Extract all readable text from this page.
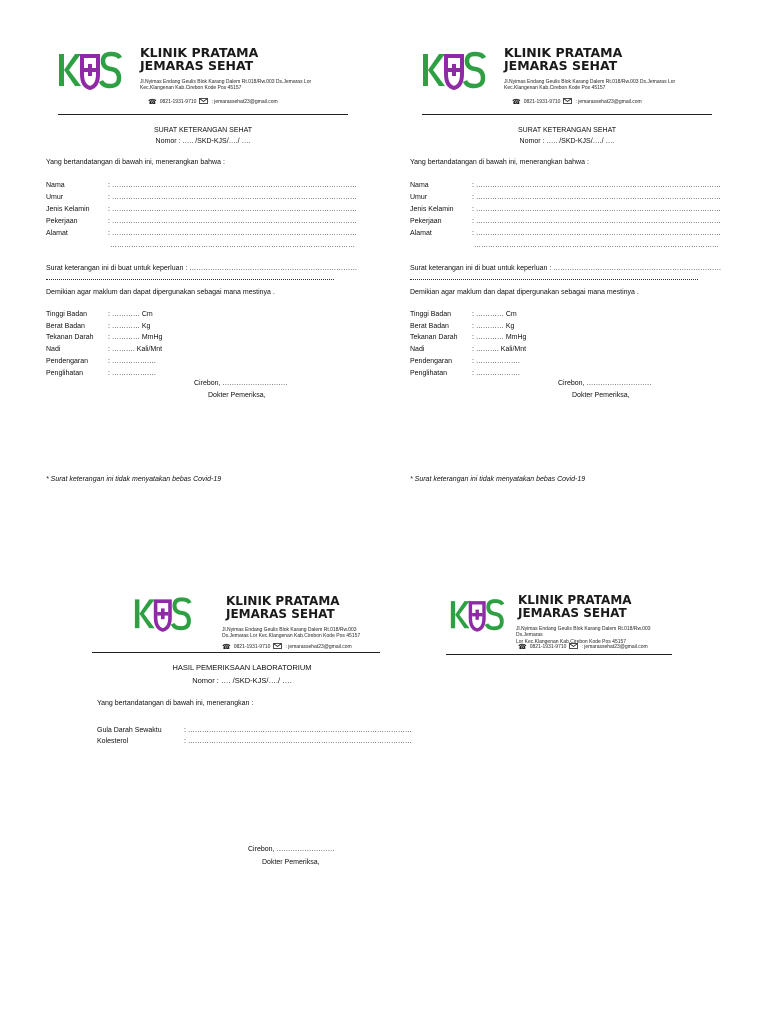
KLINIK PRATAMA
JEMARAS SEHAT
Jl.Nyimas Endang Geulis Blok Karang Dalem Rt.018/Rw.003 Ds.Jemaras Lor
Kec.Klangenan Kab.Cirebon Kode Pos 45157
☎ 0821-1931-9710	: jemarassehat23@gmail.com
SURAT KETERANGAN SEHAT
Nomor : ….. /SKD-KJS/…./ ….
Yang bertandatangan di bawah ini, menerangkan bahwa :
Nama	: ……………………………………………………………………………………………
Umur	: ……………………………………………………………………………………………
Jenis Kelamin	: ……………………………………………………………………………………………
Pekerjaan	: ……………………………………………………………………………………………
Alamat	: ……………………………………………………………………………………………
……………………………………………………………………………………………
Surat keterangan ini di buat untuk keperluan : ………………………………………………………………
Demikian agar maklum dan dapat dipergunakan sebagai mana mestinya .
Tinggi Badan	: ………… Cm
Berat Badan	: ………… Kg
Tekanan Darah : ………… MmHg
Nadi	: ………. Kali/Mnt
Pendengaran	: ……………….
Penglihatan	: ……………….
Cirebon, ……………………….
Dokter Pemeriksa,
* Surat keterangan ini tidak menyatakan bebas Covid-19
KLINIK PRATAMA
JEMARAS SEHAT
Jl.Nyimas Endang Geulis Blok Karang Dalem Rt.018/Rw.003 Ds.Jemaras Lor
Kec.Klangenan Kab.Cirebon Kode Pos 45157
☎ 0821-1931-9710	: jemarassehat23@gmail.com
SURAT KETERANGAN SEHAT
Nomor : ….. /SKD-KJS/…./ ….
Yang bertandatangan di bawah ini, menerangkan bahwa :
Nama	: ……………………………………………………………………………………………
Umur	: ……………………………………………………………………………………………
Jenis Kelamin	: ……………………………………………………………………………………………
Pekerjaan	: ……………………………………………………………………………………………
Alamat	: ……………………………………………………………………………………………
……………………………………………………………………………………………
Surat keterangan ini di buat untuk keperluan : ………………………………………………………………
Demikian agar maklum dan dapat dipergunakan sebagai mana mestinya .
Tinggi Badan	: ………… Cm
Berat Badan	: ………… Kg
Tekanan Darah : ………… MmHg
Nadi	: ………. Kali/Mnt
Pendengaran	: ……………….
Penglihatan	: ……………….
Cirebon, ……………………….
Dokter Pemeriksa,
* Surat keterangan ini tidak menyatakan bebas Covid-19
KLINIK PRATAMA
JEMARAS SEHAT
Jl.Nyimas Endang Geulis Blok Karang Dalem Rt.018/Rw.003
Ds.Jemaras Lor Kec.Klangenan Kab.Cirebon Kode Pos 45157
☎ 0821-1931-9710	: jemarassehat23@gmail.com
HASIL PEMERIKSAAN LABORATORIUM
Nomor : …. /SKD-KJS/…./ ….
Yang bertandatangan di bawah ini, menerangkan :
Gula Darah Sewaktu	: ……………………………………………………………………………………
Kolesterol	: ……………………………………………………………………………………
Cirebon, …………………….
Dokter Pemeriksa,
KLINIK PRATAMA
JEMARAS SEHAT
Jl.Nyimas Endang Geulis Blok Karang Dalem Rt.018/Rw.003 Ds.Jemaras
Lor Kec.Klangenan Kab.Cirebon Kode Pos 45157
☎ 0821-1931-9710	: jemarassehat23@gmail.com
